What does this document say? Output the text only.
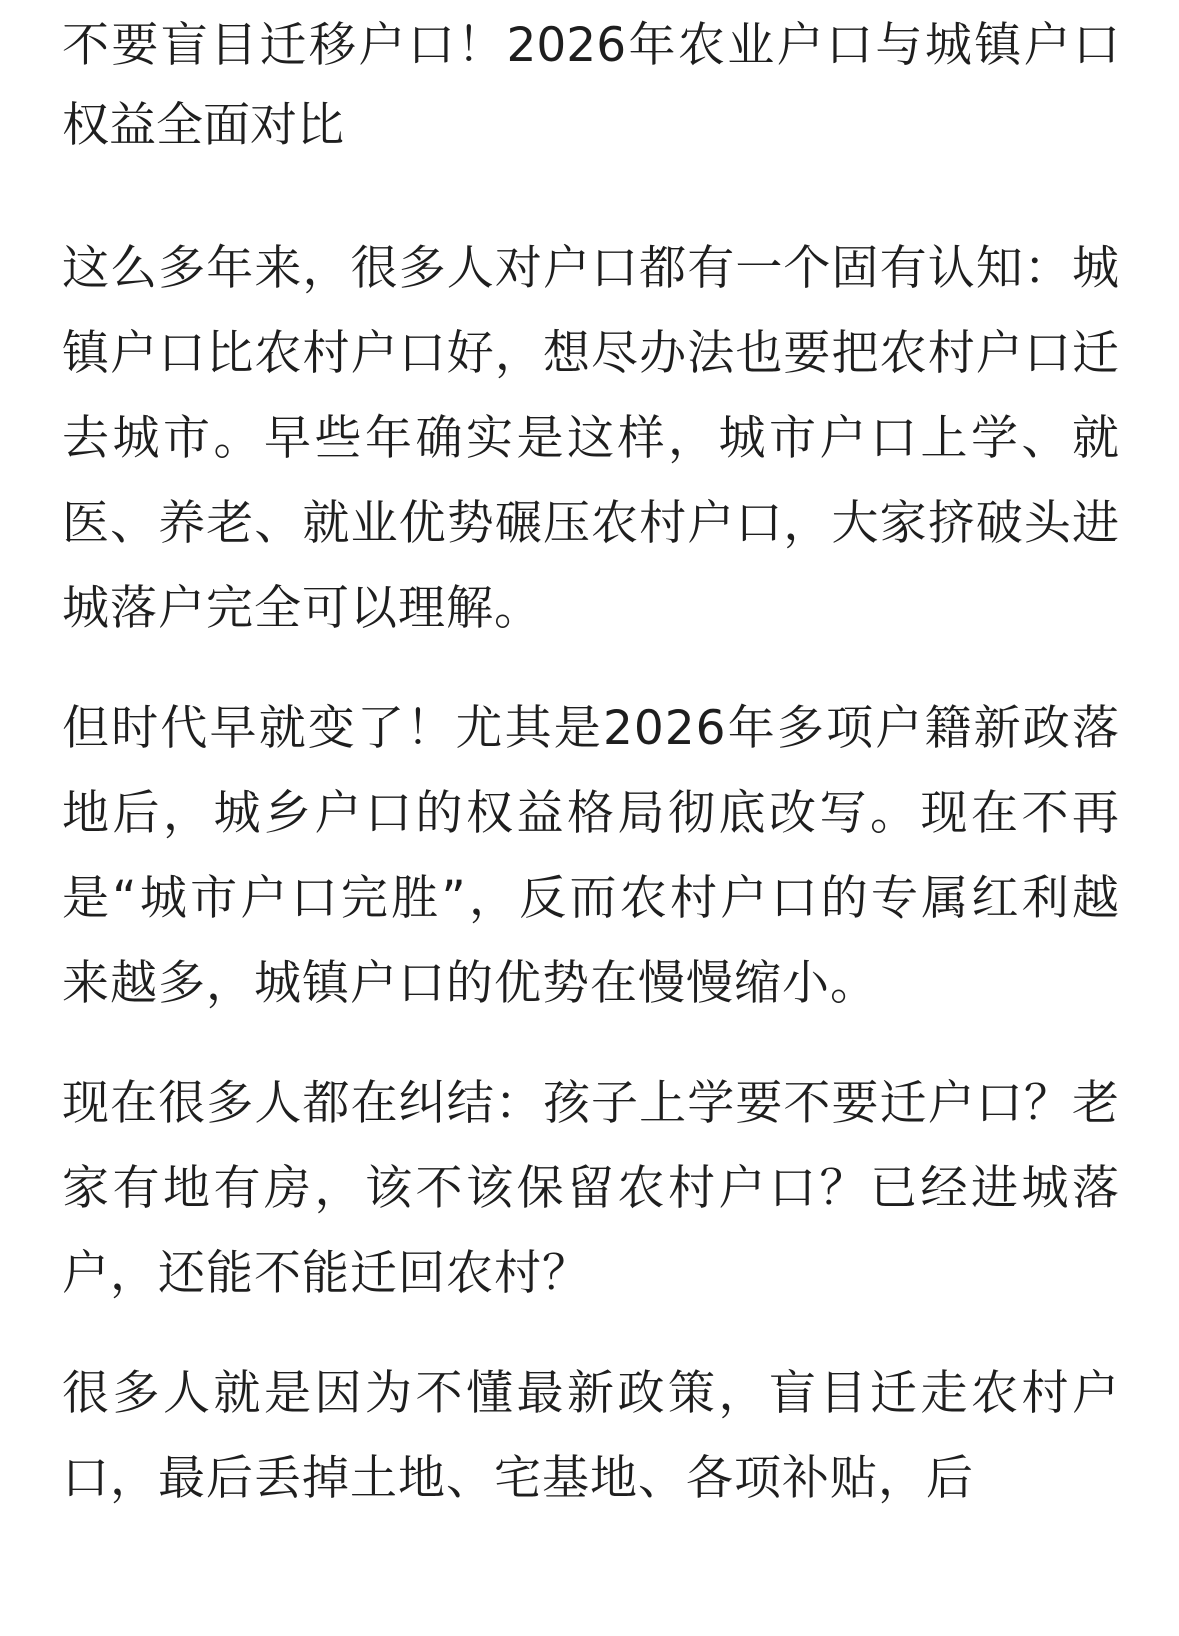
不要盲目迁移户口！2026年农业户口与城镇户口权益全面对比

这么多年来，很多人对户口都有一个固有认知：城镇户口比农村户口好，想尽办法也要把农村户口迁去城市。早些年确实是这样，城市户口上学、就医、养老、就业优势碾压农村户口，大家挤破头进城落户完全可以理解。

但时代早就变了！尤其是2026年多项户籍新政落地后，城乡户口的权益格局彻底改写。现在不再是“城市户口完胜”，反而农村户口的专属红利越来越多，城镇户口的优势在慢慢缩小。

现在很多人都在纠结：孩子上学要不要迁户口？老家有地有房，该不该保留农村户口？已经进城落户，还能不能迁回农村？

很多人就是因为不懂最新政策，盲目迁走农村户口，最后丢掉土地、宅基地、各项补贴，后
